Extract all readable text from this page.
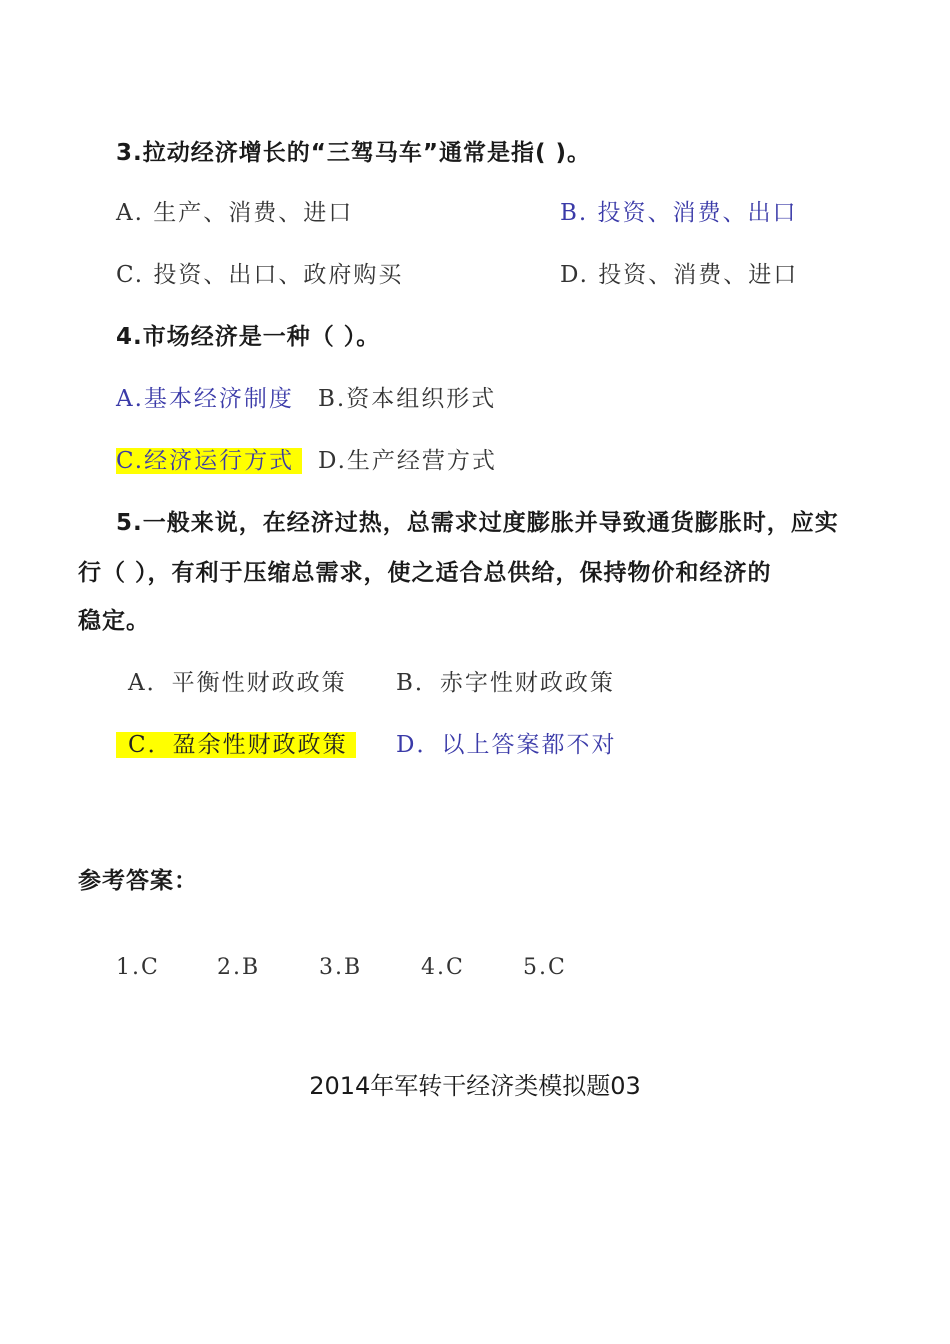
3.拉动经济增长的“三驾马车”通常是指( )。
A. 生产、消费、进口	B. 投资、消费、出口
C. 投资、出口、政府购买	D. 投资、消费、进口
4.市场经济是一种（ ）。
A.基本经济制度 B.资本组织形式
C.经济运行方式	D.生产经营方式
5.一般来说，在经济过热，总需求过度膨胀并导致通货膨胀时，应实
行（ ），有利于压缩总需求，使之适合总供给，保持物价和经济的
稳定。
A．平衡性财政政策 B．赤字性财政政策
C．盈余性财政政策	D．以上答案都不对
参考答案：
1.C	2.B	3.B	4.C	5.C
2014年军转干经济类模拟题03
